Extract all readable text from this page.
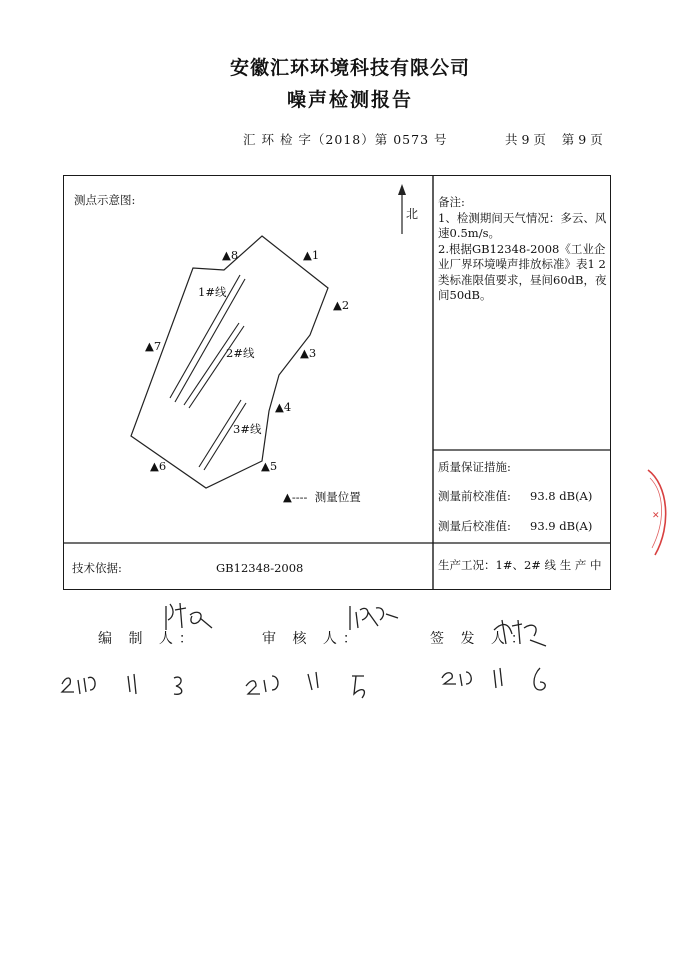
安徽汇环环境科技有限公司
噪声检测报告
汇 环 检 字（2018）第 0573 号	共 9 页    第 9 页
✕
测点示意图:
北
▲8	▲1
▲2
▲7	▲3
▲4
▲6	▲5
1#线
2#线
3#线
▲----  测量位置
备注:
1、检测期间天气情况：多云、风速0.5m/s。
2.根据GB12348-2008《工业企业厂界环境噪声排放标准》表1 2类标准限值要求，昼间60dB，夜间50dB。
质量保证措施:
测量前校准值: 93.8 dB(A)
测量后校准值: 93.9 dB(A)
技术依据:	GB12348-2008	生产工况：1#、2# 线 生 产 中
编 制 人：	审 核 人：	签 发 人：
